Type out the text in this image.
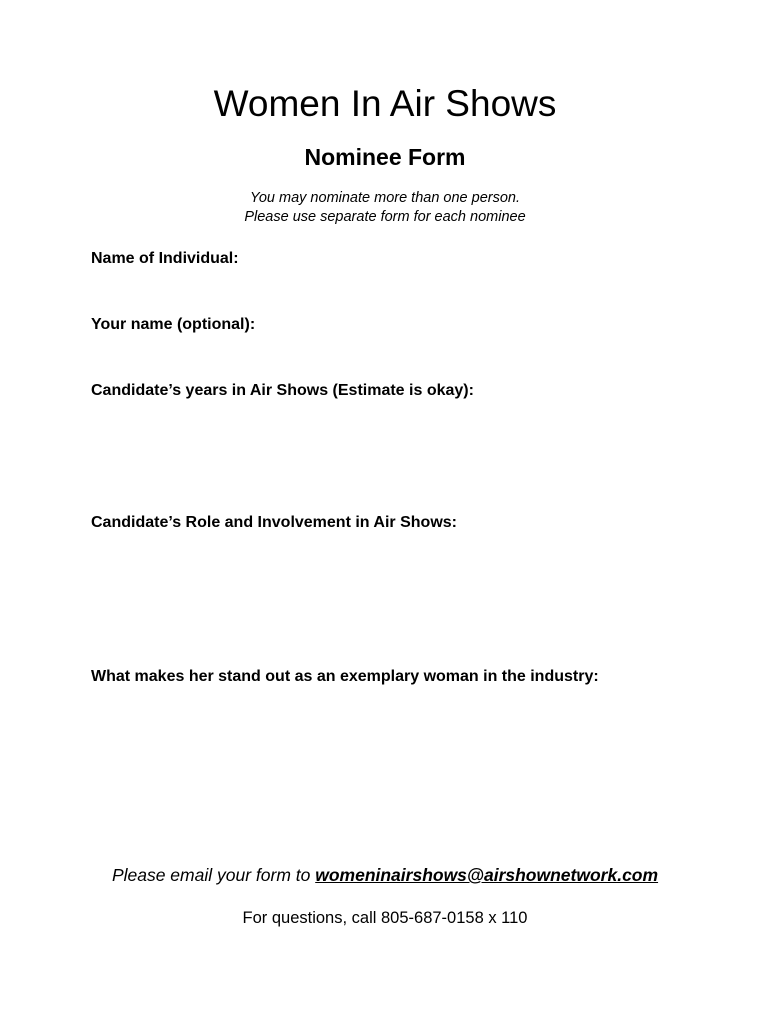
Women In Air Shows
Nominee Form

You may nominate more than one person.

Please use separate form for each nominee

Name of Individual:

Your name (optional):

Candidate’s years in Air Shows (Estimate is okay):

Candidate’s Role and Involvement in Air Shows:

What makes her stand out as an exemplary woman in the industry:

Please email your form to womeninairshows@airshownetwork.com

For questions, call 805-687-0158 x 110
